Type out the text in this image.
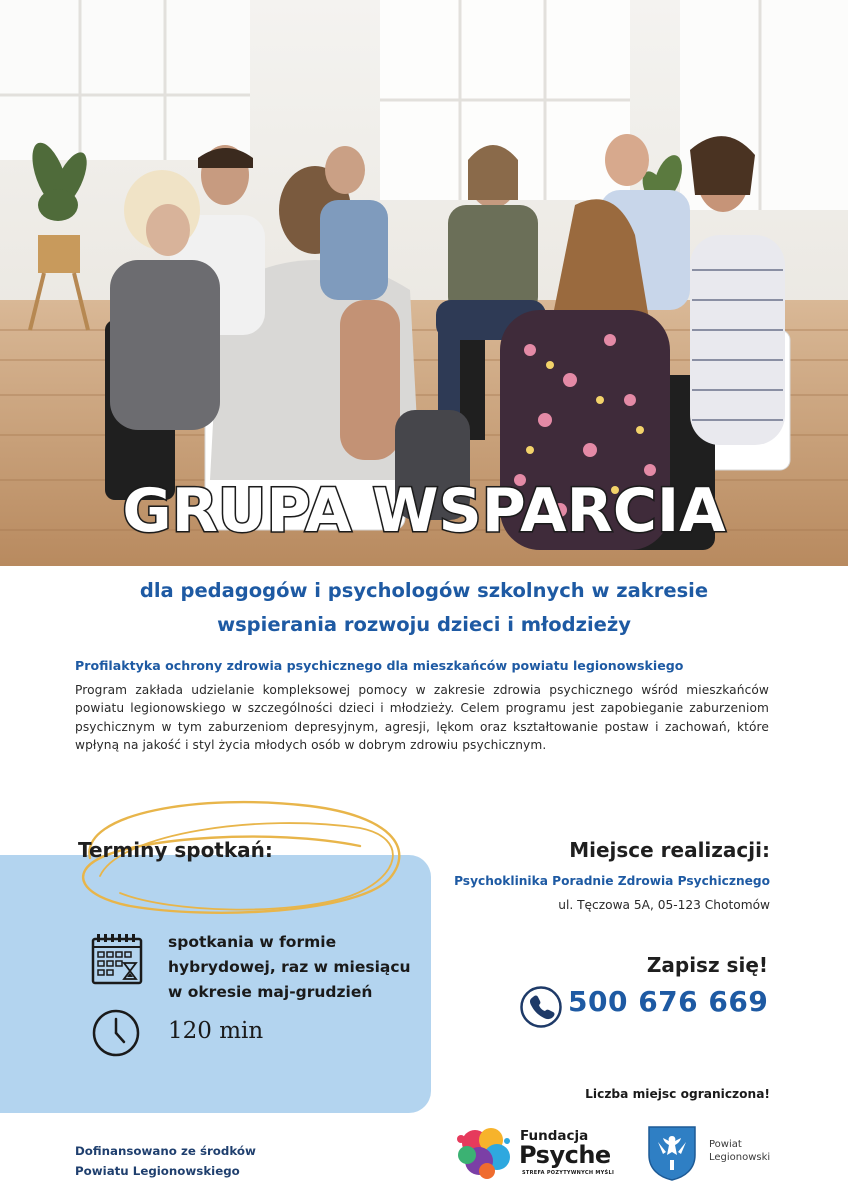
GRUPA WSPARCIA
dla pedagogów i psychologów szkolnych w zakresie
wspierania rozwoju dzieci i młodzieży
Profilaktyka ochrony zdrowia psychicznego dla mieszkańców powiatu legionowskiego
Program zakłada udzielanie kompleksowej pomocy w zakresie zdrowia psychicznego wśród mieszkańców powiatu legionowskiego w szczególności dzieci i młodzieży. Celem programu jest zapobieganie zaburzeniom psychicznym w tym zaburzeniom depresyjnym, agresji, lękom oraz kształtowanie postaw i zachowań, które wpłyną na jakość i styl życia młodych osób w dobrym zdrowiu psychicznym.
Terminy spotkań:
spotkania w formie
hybrydowej, raz w miesiącu
w okresie maj-grudzień
120 min
Miejsce realizacji:
Psychoklinika Poradnie Zdrowia Psychicznego
ul. Tęczowa 5A, 05-123 Chotomów
Zapisz się!
500 676 669
Liczba miejsc ograniczona!
Dofinansowano ze środków
Powiatu Legionowskiego
Fundacja
Psyche
STREFA POZYTYWNYCH MYŚLI
Powiat
Legionowski
